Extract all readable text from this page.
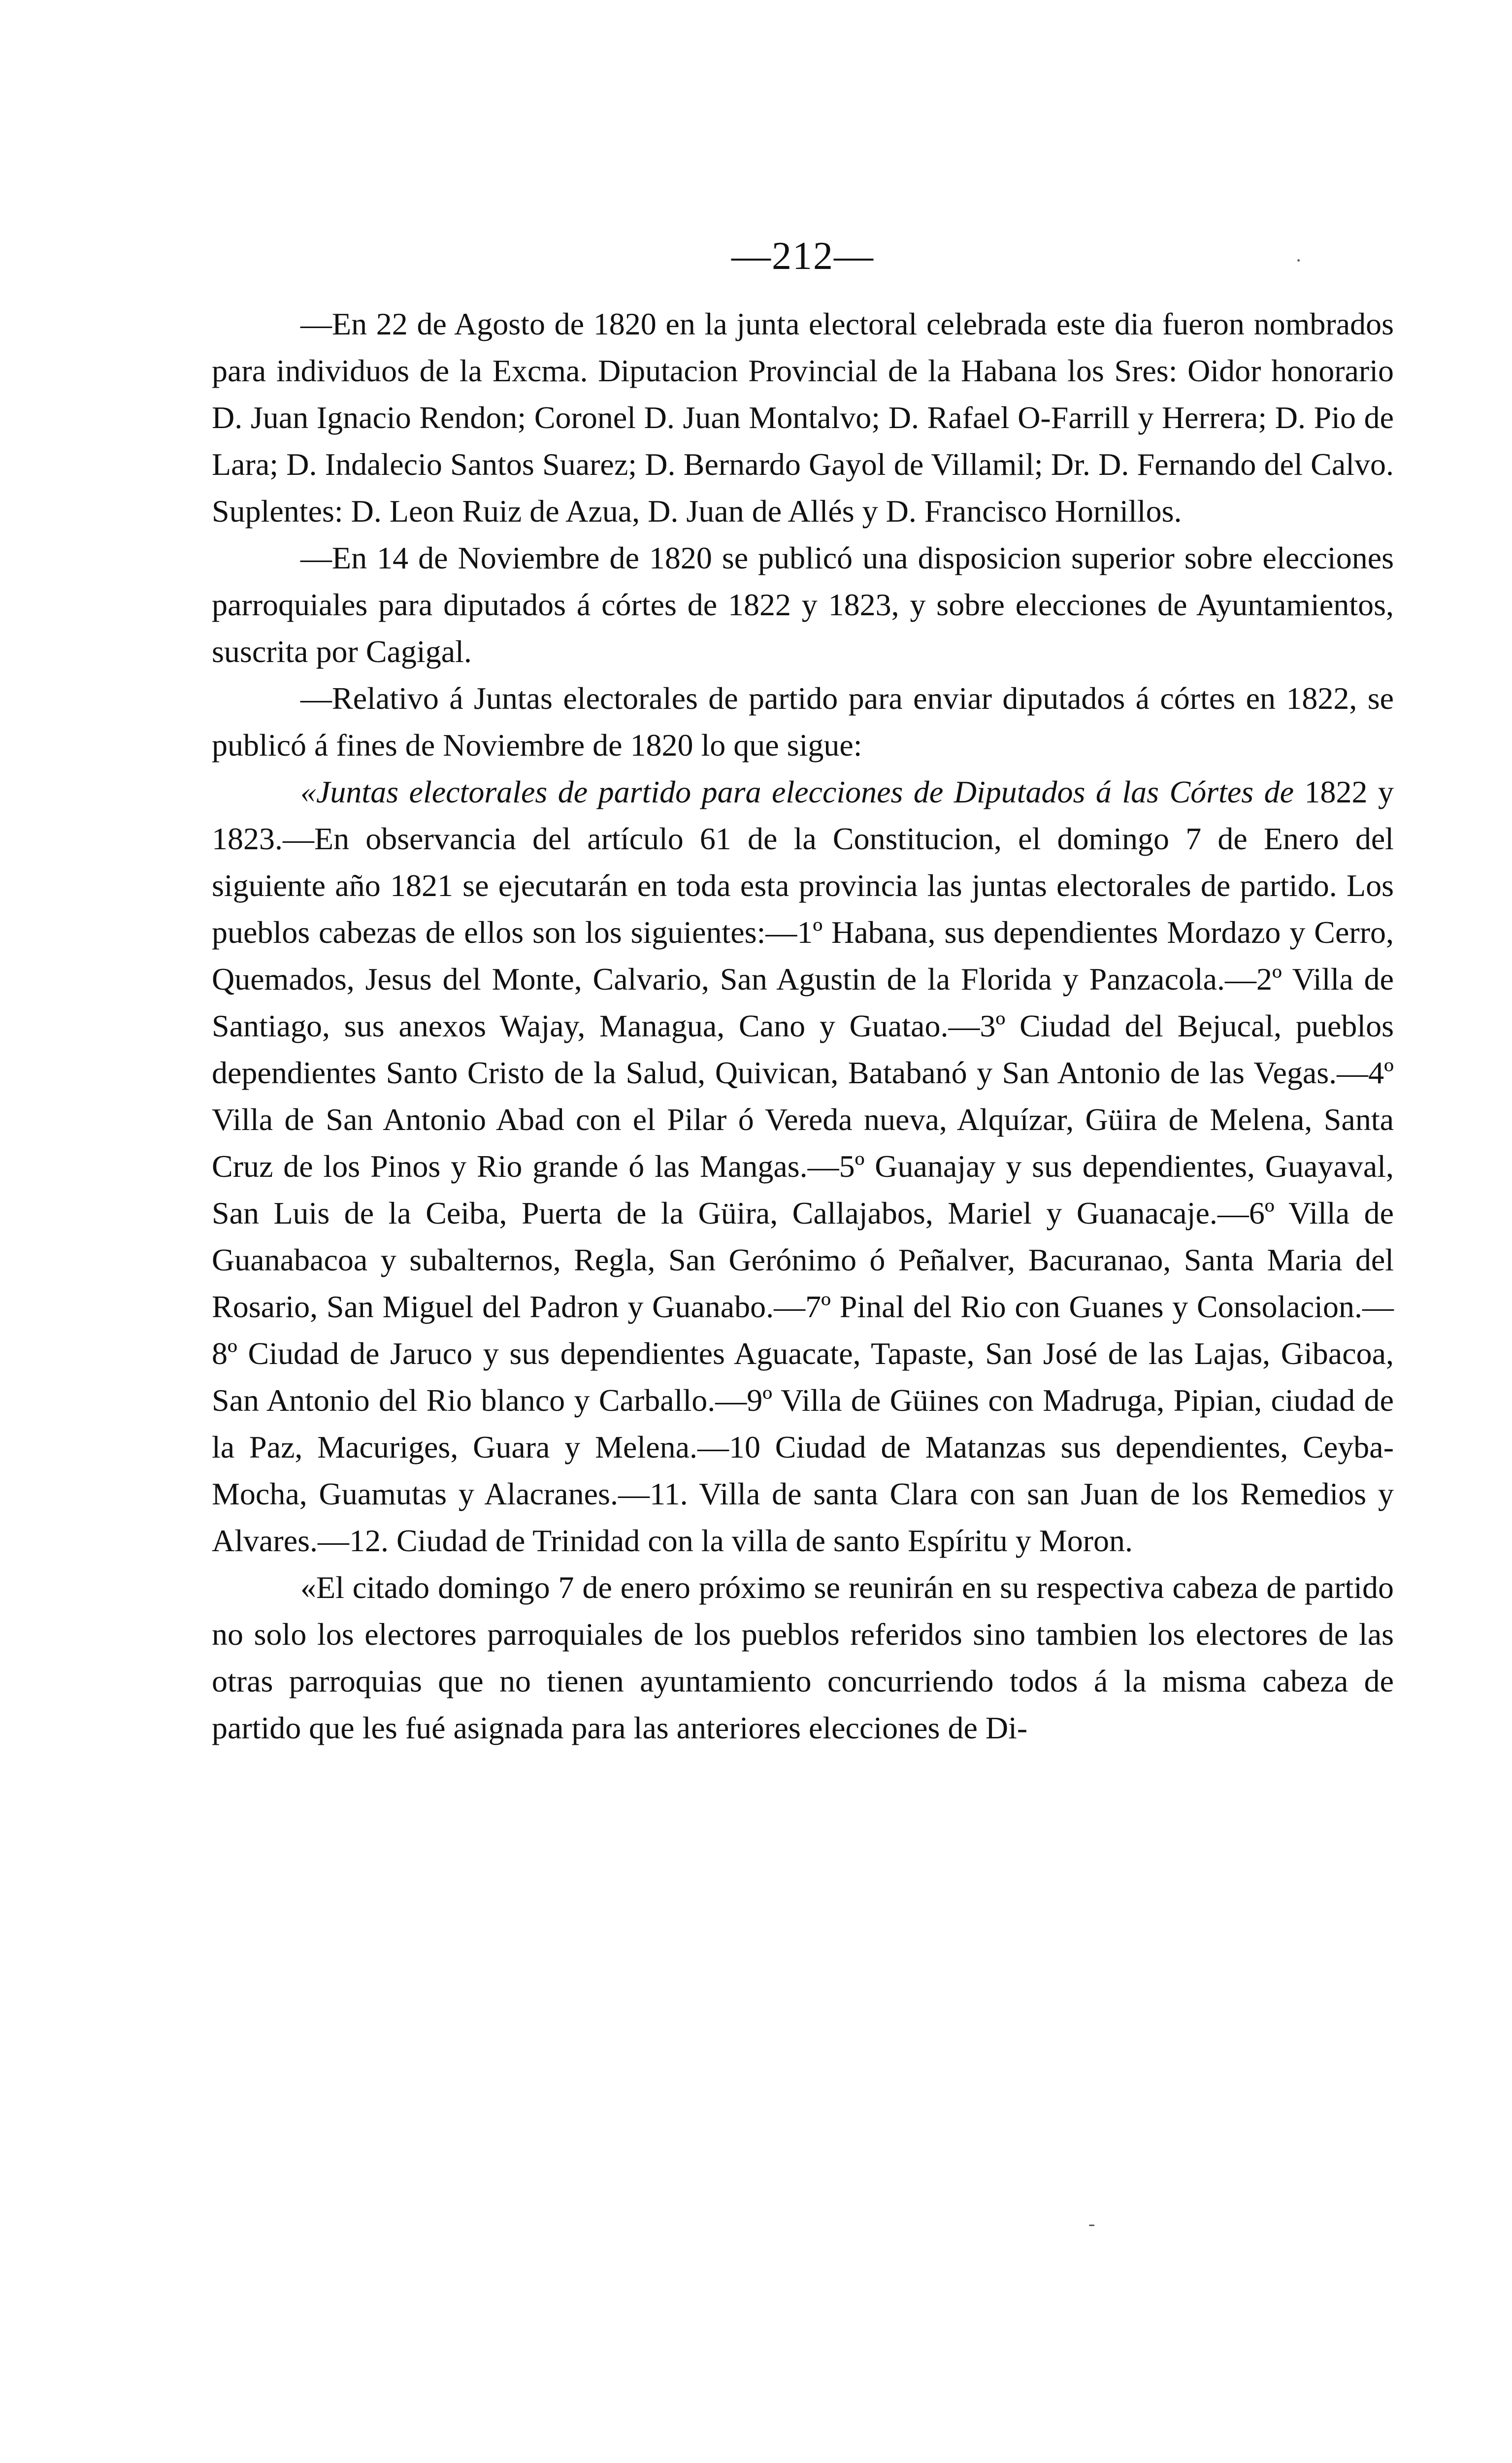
—212—

—En 22 de Agosto de 1820 en la junta electoral celebrada este dia fueron nombrados para individuos de la Excma. Diputacion Provincial de la Habana los Sres: Oidor honorario D. Juan Ignacio Rendon; Coronel D. Juan Montalvo; D. Rafael O-Farrill y Herrera; D. Pio de Lara; D. Indalecio Santos Suarez; D. Bernardo Gayol de Villamil; Dr. D. Fernando del Calvo. Suplentes: D. Leon Ruiz de Azua, D. Juan de Allés y D. Francisco Hornillos.

—En 14 de Noviembre de 1820 se publicó una disposicion superior sobre elecciones parroquiales para diputados á córtes de 1822 y 1823, y sobre elecciones de Ayuntamientos, suscrita por Cagigal.

—Relativo á Juntas electorales de partido para enviar diputados á córtes en 1822, se publicó á fines de Noviembre de 1820 lo que sigue:

«Juntas electorales de partido para elecciones de Diputados á las Córtes de 1822 y 1823.—En observancia del artículo 61 de la Constitucion, el domingo 7 de Enero del siguiente año 1821 se ejecutarán en toda esta provincia las juntas electorales de partido. Los pueblos cabezas de ellos son los siguientes:—1º Habana, sus dependientes Mordazo y Cerro, Quemados, Jesus del Monte, Calvario, San Agustin de la Florida y Panzacola.—2º Villa de Santiago, sus anexos Wajay, Managua, Cano y Guatao.—3º Ciudad del Bejucal, pueblos dependientes Santo Cristo de la Salud, Quivican, Batabanó y San Antonio de las Vegas.—4º Villa de San Antonio Abad con el Pilar ó Vereda nueva, Alquízar, Güira de Melena, Santa Cruz de los Pinos y Rio grande ó las Mangas.—5º Guanajay y sus dependientes, Guayaval, San Luis de la Ceiba, Puerta de la Güira, Callajabos, Mariel y Guanacaje.—6º Villa de Guanabacoa y subalternos, Regla, San Gerónimo ó Peñalver, Bacuranao, Santa Maria del Rosario, San Miguel del Padron y Guanabo.—7º Pinal del Rio con Guanes y Consolacion.—8º Ciudad de Jaruco y sus dependientes Aguacate, Tapaste, San José de las Lajas, Gibacoa, San Antonio del Rio blanco y Carballo.—9º Villa de Güines con Madruga, Pipian, ciudad de la Paz, Macuriges, Guara y Melena.—10 Ciudad de Matanzas sus dependientes, Ceyba-Mocha, Guamutas y Alacranes.—11. Villa de santa Clara con san Juan de los Remedios y Alvares.—12. Ciudad de Trinidad con la villa de santo Espíritu y Moron.

«El citado domingo 7 de enero próximo se reunirán en su respectiva cabeza de partido no solo los electores parroquiales de los pueblos referidos sino tambien los electores de las otras parroquias que no tienen ayuntamiento concurriendo todos á la misma cabeza de partido que les fué asignada para las anteriores elecciones de Di-

·
-
